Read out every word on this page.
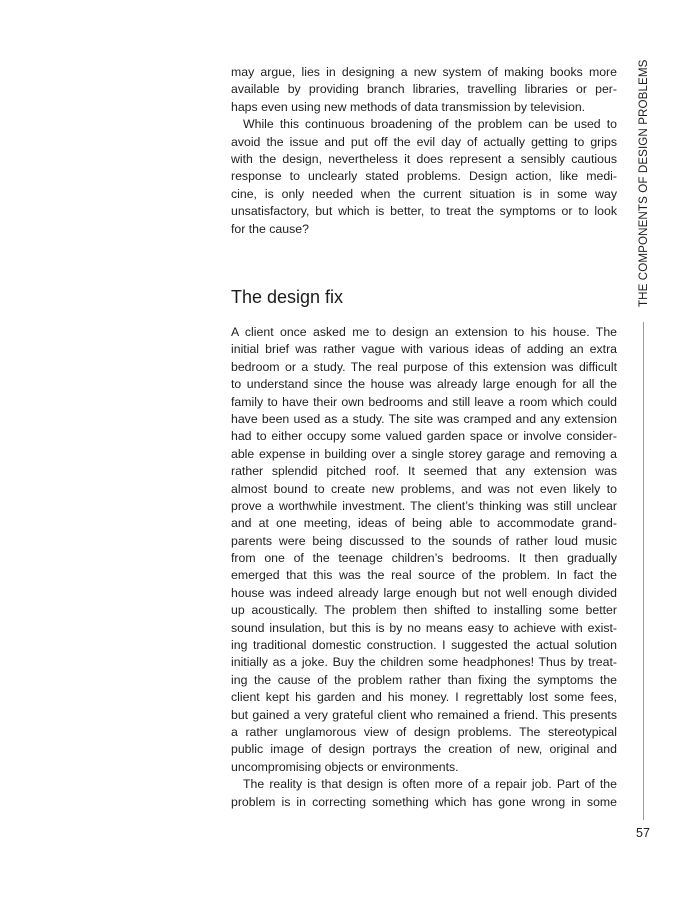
may argue, lies in designing a new system of making books more
available by providing branch libraries, travelling libraries or per-
haps even using new methods of data transmission by television.
While this continuous broadening of the problem can be used to
avoid the issue and put off the evil day of actually getting to grips
with the design, nevertheless it does represent a sensibly cautious
response to unclearly stated problems. Design action, like medi-
cine, is only needed when the current situation is in some way
unsatisfactory, but which is better, to treat the symptoms or to look
for the cause?
The design fix
A client once asked me to design an extension to his house. The
initial brief was rather vague with various ideas of adding an extra
bedroom or a study. The real purpose of this extension was difficult
to understand since the house was already large enough for all the
family to have their own bedrooms and still leave a room which could
have been used as a study. The site was cramped and any extension
had to either occupy some valued garden space or involve consider-
able expense in building over a single storey garage and removing a
rather splendid pitched roof. It seemed that any extension was
almost bound to create new problems, and was not even likely to
prove a worthwhile investment. The client’s thinking was still unclear
and at one meeting, ideas of being able to accommodate grand-
parents were being discussed to the sounds of rather loud music
from one of the teenage children’s bedrooms. It then gradually
emerged that this was the real source of the problem. In fact the
house was indeed already large enough but not well enough divided
up acoustically. The problem then shifted to installing some better
sound insulation, but this is by no means easy to achieve with exist-
ing traditional domestic construction. I suggested the actual solution
initially as a joke. Buy the children some headphones! Thus by treat-
ing the cause of the problem rather than fixing the symptoms the
client kept his garden and his money. I regrettably lost some fees,
but gained a very grateful client who remained a friend. This presents
a rather unglamorous view of design problems. The stereotypical
public image of design portrays the creation of new, original and
uncompromising objects or environments.
The reality is that design is often more of a repair job. Part of the
problem is in correcting something which has gone wrong in some
THE COMPONENTS OF DESIGN PROBLEMS
57
